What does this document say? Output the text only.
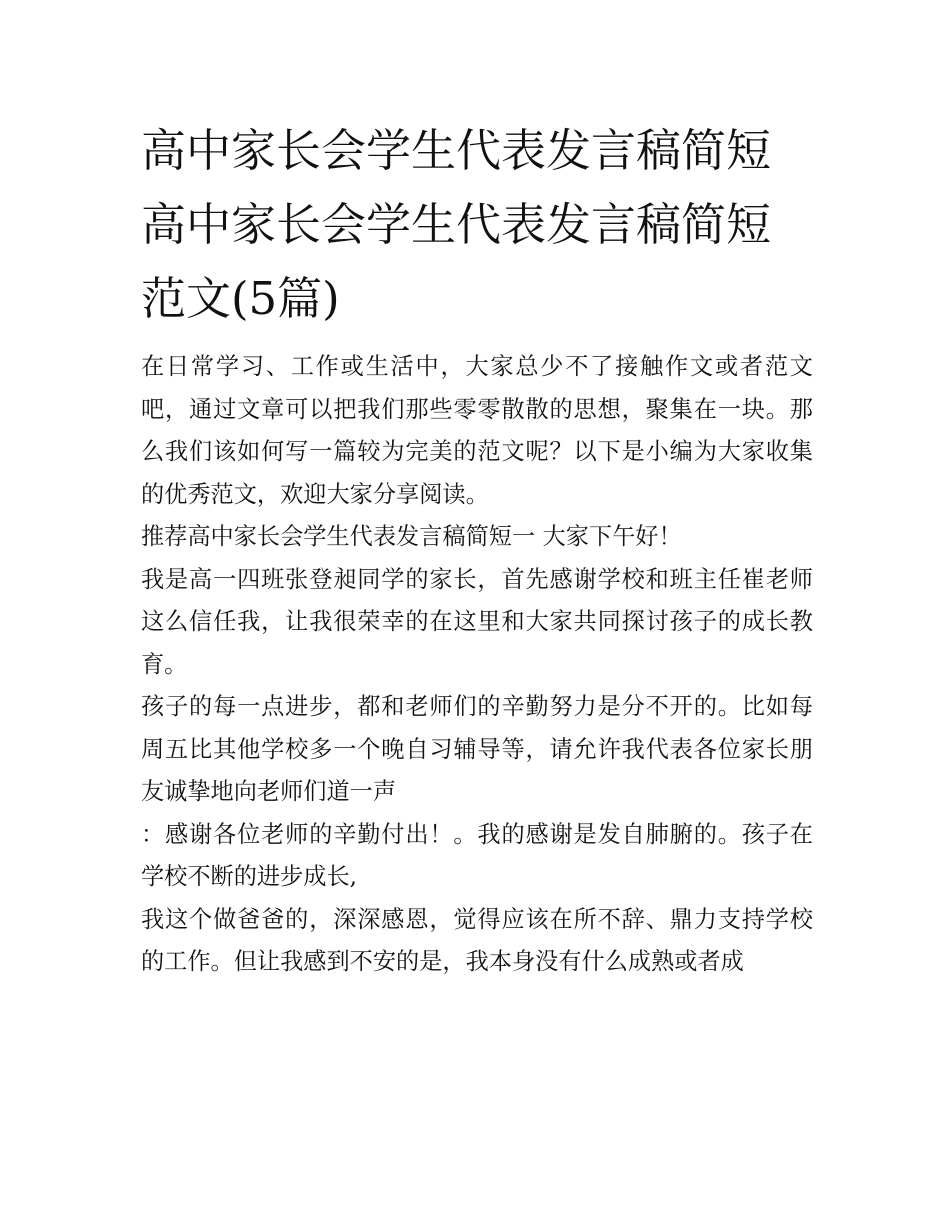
高中家长会学生代表发言稿简短 高中家长会学生代表发言稿简短范文(5篇)

在日常学习、工作或生活中，大家总少不了接触作文或者范文吧，通过文章可以把我们那些零零散散的思想，聚集在一块。那么我们该如何写一篇较为完美的范文呢？以下是小编为大家收集的优秀范文，欢迎大家分享阅读。

推荐高中家长会学生代表发言稿简短一 大家下午好！

我是高一四班张登昶同学的家长，首先感谢学校和班主任崔老师这么信任我，让我很荣幸的在这里和大家共同探讨孩子的成长教育。

孩子的每一点进步，都和老师们的辛勤努力是分不开的。比如每周五比其他学校多一个晚自习辅导等，请允许我代表各位家长朋友诚挚地向老师们道一声

：感谢各位老师的辛勤付出！。我的感谢是发自肺腑的。孩子在学校不断的进步成长,

我这个做爸爸的，深深感恩，觉得应该在所不辞、鼎力支持学校的工作。但让我感到不安的是，我本身没有什么成熟或者成
